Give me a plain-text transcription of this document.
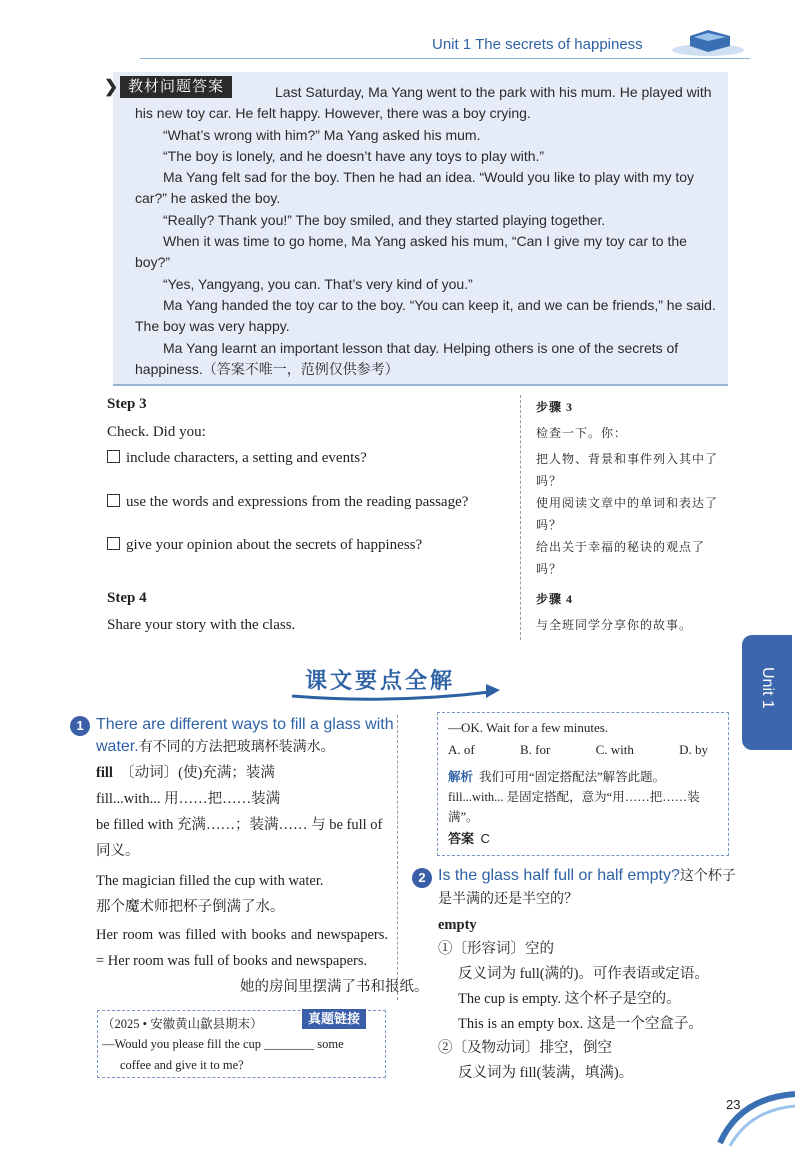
Unit 1 The secrets of happiness
❯ 教材问题答案	Last Saturday, Ma Yang went to the park with his mum. He played with his new toy car. He felt happy. However, there was a boy crying.

“What’s wrong with him?” Ma Yang asked his mum.

“The boy is lonely, and he doesn’t have any toys to play with.”

Ma Yang felt sad for the boy. Then he had an idea. “Would you like to play with my toy car?” he asked the boy.

“Really? Thank you!” The boy smiled, and they started playing together.

When it was time to go home, Ma Yang asked his mum, “Can I give my toy car to the boy?”

“Yes, Yangyang, you can. That’s very kind of you.”

Ma Yang handed the toy car to the boy. “You can keep it, and we can be friends,” he said. The boy was very happy.

Ma Yang learnt an important lesson that day. Helping others is one of the secrets of happiness.（答案不唯一，范例仅供参考）

Step 3
Check. Did you:
include characters, a setting and events?
use the words and expressions from the reading passage?
give your opinion about the secrets of happiness?
Step 4
Share your story with the class.
步骤 3
检查一下。你：
把人物、背景和事件列入其中了吗？
使用阅读文章中的单词和表达了吗？
给出关于幸福的秘诀的观点了吗？
步骤 4
与全班同学分享你的故事。
课文要点全解	Unit 1
1 There are different ways to fill a glass with water.有不同的方法把玻璃杯装满水。
fill 〔动词〕(使)充满；装满
fill...with... 用……把……装满
be filled with 充满……；装满…… 与 be full of 同义。
The magician filled the cup with water.
那个魔术师把杯子倒满了水。
Her room was filled with books and newspapers. = Her room was full of books and newspapers.
她的房间里摆满了书和报纸。
（2025 • 安徽黄山歙县期末）	真题链接
—Would you please fill the cup ________ some
coffee and give it to me?
—OK. Wait for a few minutes.
A. of	B. for	C. with	D. by
解析 我们可用“固定搭配法”解答此题。fill...with... 是固定搭配，意为“用……把……装满”。
答案 C
2 Is the glass half full or half empty?这个杯子是半满的还是半空的？
empty
①〔形容词〕空的
反义词为 full(满的)。可作表语或定语。
The cup is empty. 这个杯子是空的。
This is an empty box. 这是一个空盒子。
②〔及物动词〕排空，倒空
反义词为 fill(装满，填满)。
23
